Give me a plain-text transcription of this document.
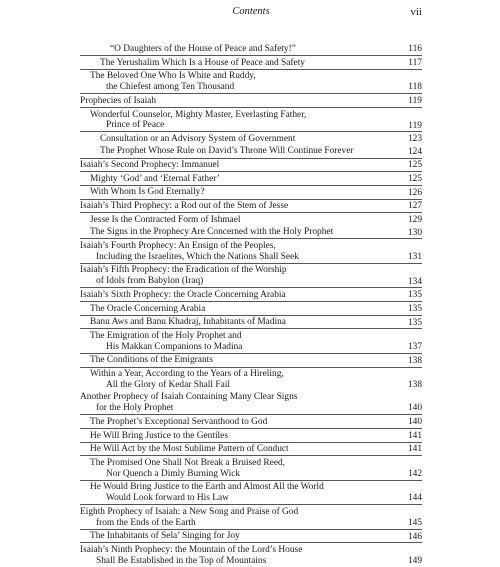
Contents	vii
“O Daughters of the House of Peace and Safety!”	116
The Yerushalim Which Is a House of Peace and Safety	117
The Beloved One Who Is White and Ruddy,
the Chiefest among Ten Thousand	118
Prophecies of Isaiah	119
Wonderful Counselor, Mighty Master, Everlasting Father,
Prince of Peace	119
Consultation or an Advisory System of Government	123
The Prophet Whose Rule on David’s Throne Will Continue Forever	124
Isaiah’s Second Prophecy: Immanuel	125
Mighty ‘God’ and ‘Eternal Father’	125
With Whom Is God Eternally?	126
Isaiah’s Third Prophecy: a Rod out of the Stem of Jesse	127
Jesse Is the Contracted Form of Ishmael	129
The Signs in the Prophecy Are Concerned with the Holy Prophet	130
Isaiah’s Fourth Prophecy: An Ensign of the Peoples,
Including the Israelites, Which the Nations Shall Seek	131
Isaiah’s Fifth Prophecy: the Eradication of the Worship
of Idols from Babylon (Iraq)	134
Isaiah’s Sixth Prophecy: the Oracle Concerning Arabia	135
The Oracle Concerning Arabia	135
Banu Aws and Banu Khadraj, Inhabitants of Madina	135
The Emigration of the Holy Prophet and
His Makkan Companions to Madina	137
The Conditions of the Emigrants	138
Within a Year, According to the Years of a Hireling,
All the Glory of Kedar Shall Fail	138
Another Prophecy of Isaiah Containing Many Clear Signs
for the Holy Prophet	140
The Prophet’s Exceptional Servanthood to God	140
He Will Bring Justice to the Gentiles	141
He Will Act by the Most Sublime Pattern of Conduct	141
The Promised One Shall Not Break a Bruised Reed,
Nor Quench a Dimly Burning Wick	142
He Would Bring Justice to the Earth and Almost All the World
Would Look forward to His Law	144
Eighth Prophecy of Isaiah: a New Song and Praise of God
from the Ends of the Earth	145
The Inhabitants of Sela’ Singing for Joy	146
Isaiah’s Ninth Prophecy: the Mountain of the Lord’s House
Shall Be Established in the Top of Mountains	149
